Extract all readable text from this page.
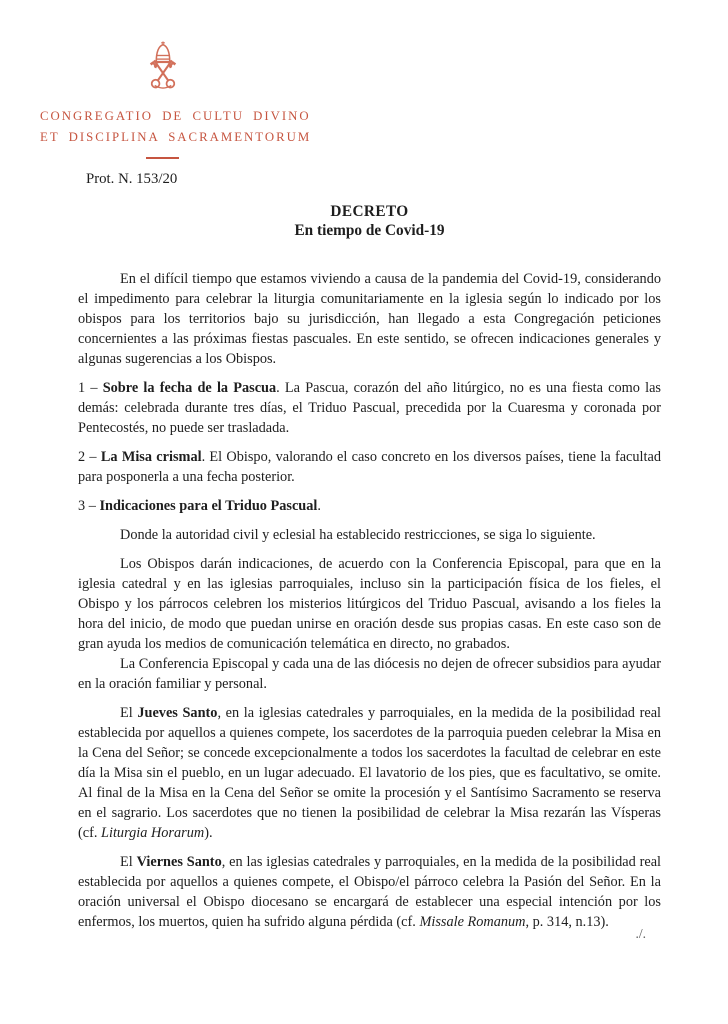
CONGREGATIO DE CULTU DIVINO
ET DISCIPLINA SACRAMENTORUM
Prot. N. 153/20
DECRETO
En tiempo de Covid-19

En el difícil tiempo que estamos viviendo a causa de la pandemia del Covid-19, considerando el impedimento para celebrar la liturgia comunitariamente en la iglesia según lo indicado por los obispos para los territorios bajo su jurisdicción, han llegado a esta Congregación peticiones concernientes a las próximas fiestas pascuales. En este sentido, se ofrecen indicaciones generales y algunas sugerencias a los Obispos.

1 – Sobre la fecha de la Pascua. La Pascua, corazón del año litúrgico, no es una fiesta como las demás: celebrada durante tres días, el Triduo Pascual, precedida por la Cuaresma y coronada por Pentecostés, no puede ser trasladada.

2 – La Misa crismal. El Obispo, valorando el caso concreto en los diversos países, tiene la facultad para posponerla a una fecha posterior.

3 – Indicaciones para el Triduo Pascual.

Donde la autoridad civil y eclesial ha establecido restricciones, se siga lo siguiente.

Los Obispos darán indicaciones, de acuerdo con la Conferencia Episcopal, para que en la iglesia catedral y en las iglesias parroquiales, incluso sin la participación física de los fieles, el Obispo y los párrocos celebren los misterios litúrgicos del Triduo Pascual, avisando a los fieles la hora del inicio, de modo que puedan unirse en oración desde sus propias casas. En este caso son de gran ayuda los medios de comunicación telemática en directo, no grabados.

La Conferencia Episcopal y cada una de las diócesis no dejen de ofrecer subsidios para ayudar en la oración familiar y personal.

El Jueves Santo, en la iglesias catedrales y parroquiales, en la medida de la posibilidad real establecida por aquellos a quienes compete, los sacerdotes de la parroquia pueden celebrar la Misa en la Cena del Señor; se concede excepcionalmente a todos los sacerdotes la facultad de celebrar en este día la Misa sin el pueblo, en un lugar adecuado. El lavatorio de los pies, que es facultativo, se omite. Al final de la Misa en la Cena del Señor se omite la procesión y el Santísimo Sacramento se reserva en el sagrario. Los sacerdotes que no tienen la posibilidad de celebrar la Misa rezarán las Vísperas (cf. Liturgia Horarum).

El Viernes Santo, en las iglesias catedrales y parroquiales, en la medida de la posibilidad real establecida por aquellos a quienes compete, el Obispo/el párroco celebra la Pasión del Señor. En la oración universal el Obispo diocesano se encargará de establecer una especial intención por los enfermos, los muertos, quien ha sufrido alguna pérdida (cf. Missale Romanum, p. 314, n.13).

./.
